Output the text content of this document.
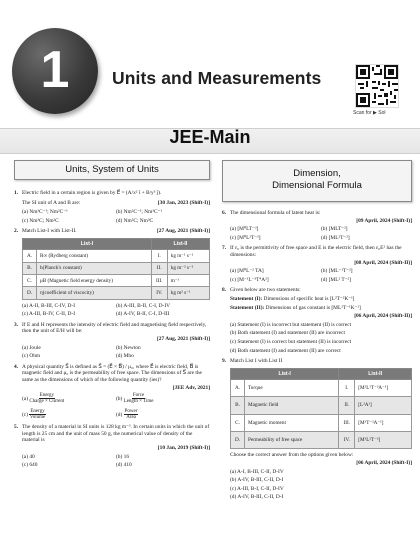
1 Units and Measurements
Scan for ▶ Sol
JEE-Main
Units, System of Units
1. Electric field in a certain region is given by E⃗ = (A/x² î + B/y³ ĵ).
The SI unit of A and B are:	[30 Jan, 2023 (Shift-I)]
(a) Nm³C⁻¹; Nm²C⁻¹	(b) Nm²C⁻¹; Nm³C⁻¹
(c) Nm³C; Nm²C	(d) Nm²C; Nm³C
2. Match List-I with List-II.	[27 Aug, 2021 (Shift-I)]
List-I		List-II	
A.	R∞ (Rydberg constant)	I.	kg m⁻¹ s⁻¹
B.	h(Planck's constant)	II.	kg m⁻² s⁻²
C.	μB (Magnetic field energy density)	III.	m⁻¹
D.	η(coefficient of viscocity)	IV.	kg m² s⁻¹
(a) A-II, B-III, C-IV, D-I	(b) A-III, B-II, C-I, D-IV
(c) A-III, B-IV, C-II, D-I	(d) A-IV, B-II, C-I, D-III
3. If E and H represents the intensity of electric field and magnetising field respectively, then the unit of E/H will be:
[27 Aug, 2021 (Shift-I)]
(a) Joule	(b) Newton
(c) Ohm	(d) Mho
4. A physical quantity S⃗ is defined as S⃗ = (E⃗ × B⃗) / μ₀, where E⃗ is electric field, B⃗ is magnetic field and μ₀ is the permeability of free space. The dimensions of S⃗ are the same as the dimensions of which of the following quantity (ies)?
[JEE Adv, 2021]
$(a) \frac{\text{Energy}}{\text{Charge × Current}}$	$(b) \frac{\text{Force}}{\text{Length × Time}}$
$(c) \frac{\text{Energy}}{\text{Volume}}$	$(d) \frac{\text{Power}}{\text{Area}}$
5. The density of a material in SI units is 128 kg m⁻³. In certain units in which the unit of length is 25 cm and the unit of mass 50 g, the numerical value of density of the material is
[10 Jan, 2019 (Shift-I)]
(a) 40	(b) 16
(c) 640	(d) 410
Dimension,
Dimensional Formula
6. The dimensional formula of latent heat is:
[09 April, 2024 (Shift-I)]
(a) [M⁰LT⁻²]	(b) [MLT⁻²]
(c) [M⁰L²T⁻²]	(d) [ML²T⁻²]
7. If ε₀ is the permittivity of free space and E is the electric field, then ε₀E² has the dimensions:
[08 April, 2024 (Shift-II)]
(a) [M⁰L⁻² TA]	(b) [ML⁻¹T⁻²]
(c) [M⁻¹L⁻³T⁴A²]	(d) [ML² T⁻²]
8. Given below are two statements:
Statement (I): Dimensions of specific heat is [L²T⁻²K⁻¹]
Statement (II): Dimensions of gas constant is [ML²T⁻¹K⁻¹]
[06 April, 2024 (Shift-II)]
(a) Statement (I) is incorrect but statement (II) is correct
(b) Both statement (I) and statement (II) are incorrect
(c) Statement (I) is correct but statement (II) is incorrect
(d) Both statement (I) and statement (II) are correct
9. Match List I with List II
List-I		List-II	
A.	Torque	I.	[M¹L¹T⁻³A⁻¹]
B.	Magnetic field	II.	[L²A¹]
C.	Magnetic moment	III.	[M¹T⁻²A⁻¹]
D.	Permeability of free space	IV.	[M¹L²T⁻²]
Choose the correct answer from the options given below:
[06 April, 2024 (Shift-I)]
(a) A-I, B-III, C-II, D-IV
(b) A-IV, B-III, C-II, D-I
(c) A-III, B-I, C-II, D-IV
(d) A-IV, B-III, C-II, D-I
